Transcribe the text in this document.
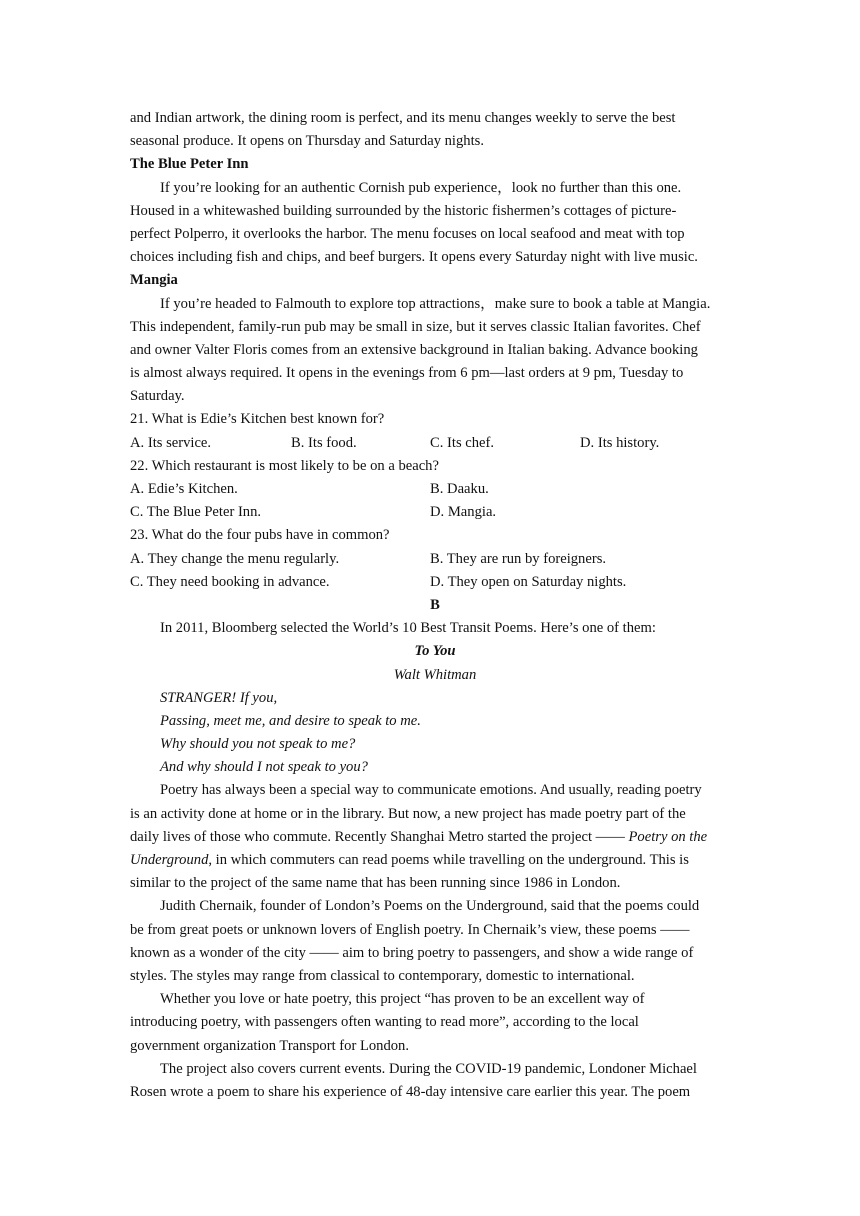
and Indian artwork, the dining room is perfect, and its menu changes weekly to serve the best
seasonal produce. It opens on Thursday and Saturday nights.
The Blue Peter Inn
If you’re looking for an authentic Cornish pub experience，look no further than this one.
Housed in a whitewashed building surrounded by the historic fishermen’s cottages of picture-
perfect Polperro, it overlooks the harbor. The menu focuses on local seafood and meat with top
choices including fish and chips, and beef burgers. It opens every Saturday night with live music.
Mangia
If you’re headed to Falmouth to explore top attractions，make sure to book a table at Mangia.
This independent, family-run pub may be small in size, but it serves classic Italian favorites. Chef
and owner Valter Floris comes from an extensive background in Italian baking. Advance booking
is almost always required. It opens in the evenings from 6 pm—last orders at 9 pm, Tuesday to
Saturday.
21. What is Edie’s Kitchen best known for?
A. Its service.	B. Its food.	C. Its chef.	D. Its history.
22. Which restaurant is most likely to be on a beach?
A. Edie’s Kitchen.	B. Daaku.
C. The Blue Peter Inn.	D. Mangia.
23. What do the four pubs have in common?
A. They change the menu regularly.	B. They are run by foreigners.
C. They need booking in advance.	D. They open on Saturday nights.
B
In 2011, Bloomberg selected the World’s 10 Best Transit Poems. Here’s one of them:
To You
Walt Whitman
STRANGER! If you,
Passing, meet me, and desire to speak to me.
Why should you not speak to me?
And why should I not speak to you?
Poetry has always been a special way to communicate emotions. And usually, reading poetry
is an activity done at home or in the library. But now, a new project has made poetry part of the
daily lives of those who commute. Recently Shanghai Metro started the project —— Poetry on the
Underground, in which commuters can read poems while travelling on the underground. This is
similar to the project of the same name that has been running since 1986 in London.
Judith Chernaik, founder of London’s Poems on the Underground, said that the poems could
be from great poets or unknown lovers of English poetry. In Chernaik’s view, these poems ——
known as a wonder of the city —— aim to bring poetry to passengers, and show a wide range of
styles. The styles may range from classical to contemporary, domestic to international.
Whether you love or hate poetry, this project “has proven to be an excellent way of
introducing poetry, with passengers often wanting to read more”, according to the local
government organization Transport for London.
The project also covers current events. During the COVID-19 pandemic, Londoner Michael
Rosen wrote a poem to share his experience of 48-day intensive care earlier this year. The poem
